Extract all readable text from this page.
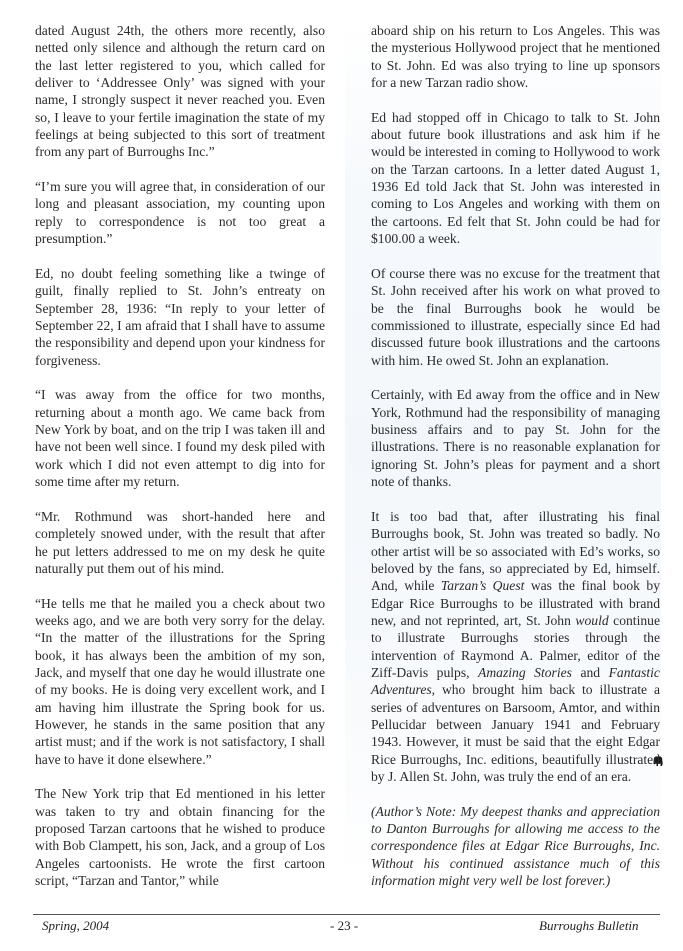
dated August 24th, the others more recently, also netted only silence and although the return card on the last letter registered to you, which called for deliver to ‘Addressee Only’ was signed with your name, I strongly suspect it never reached you. Even so, I leave to your fertile imagination the state of my feelings at being subjected to this sort of treatment from any part of Burroughs Inc.”

“I’m sure you will agree that, in consideration of our long and pleasant association, my counting upon reply to correspondence is not too great a presumption.”

Ed, no doubt feeling something like a twinge of guilt, finally replied to St. John’s entreaty on September 28, 1936: “In reply to your letter of September 22, I am afraid that I shall have to assume the responsibility and depend upon your kindness for forgiveness.

“I was away from the office for two months, returning about a month ago. We came back from New York by boat, and on the trip I was taken ill and have not been well since. I found my desk piled with work which I did not even attempt to dig into for some time after my return.

“Mr. Rothmund was short-handed here and completely snowed under, with the result that after he put letters addressed to me on my desk he quite naturally put them out of his mind.

“He tells me that he mailed you a check about two weeks ago, and we are both very sorry for the delay. “In the matter of the illustrations for the Spring book, it has always been the ambition of my son, Jack, and myself that one day he would illustrate one of my books. He is doing very excellent work, and I am having him illustrate the Spring book for us. However, he stands in the same position that any artist must; and if the work is not satisfactory, I shall have to have it done elsewhere.”

The New York trip that Ed mentioned in his letter was taken to try and obtain financing for the proposed Tarzan cartoons that he wished to produce with Bob Clampett, his son, Jack, and a group of Los Angeles cartoonists. He wrote the first cartoon script, “Tarzan and Tantor,” while

aboard ship on his return to Los Angeles. This was the mysterious Hollywood project that he mentioned to St. John. Ed was also trying to line up sponsors for a new Tarzan radio show.

Ed had stopped off in Chicago to talk to St. John about future book illustrations and ask him if he would be interested in coming to Hollywood to work on the Tarzan cartoons. In a letter dated August 1, 1936 Ed told Jack that St. John was interested in coming to Los Angeles and working with them on the cartoons. Ed felt that St. John could be had for $100.00 a week.

Of course there was no excuse for the treatment that St. John received after his work on what proved to be the final Burroughs book he would be commissioned to illustrate, especially since Ed had discussed future book illustrations and the cartoons with him. He owed St. John an explanation.

Certainly, with Ed away from the office and in New York, Rothmund had the responsibility of managing business affairs and to pay St. John for the illustrations. There is no reasonable explanation for ignoring St. John’s pleas for payment and a short note of thanks.

It is too bad that, after illustrating his final Burroughs book, St. John was treated so badly. No other artist will be so associated with Ed’s works, so beloved by the fans, so appreciated by Ed, himself. And, while Tarzan’s Quest was the final book by Edgar Rice Burroughs to be illustrated with brand new, and not reprinted, art, St. John would continue to illustrate Burroughs stories through the intervention of Raymond A. Palmer, editor of the Ziff-Davis pulps, Amazing Stories and Fantastic Adventures, who brought him back to illustrate a series of adventures on Barsoom, Amtor, and within Pellucidar between January 1941 and February 1943. However, it must be said that the eight Edgar Rice Burroughs, Inc. editions, beautifully illustrated by J. Allen St. John, was truly the end of an era.

(Author’s Note: My deepest thanks and appreciation to Danton Burroughs for allowing me access to the correspondence files at Edgar Rice Burroughs, Inc. Without his continued assistance much of this information might very well be lost forever.)

Spring, 2004	- 23 -	Burroughs Bulletin
